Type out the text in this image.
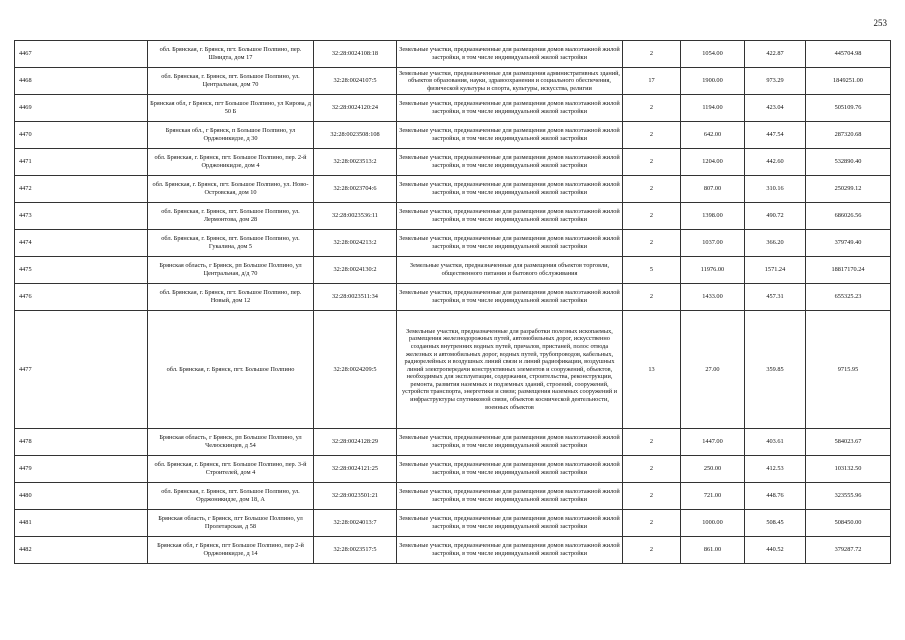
253
4467	обл. Брянская, г. Брянск, пгт. Большое Полпино, пер. Шмидта, дом 17	32:28:0024108:18	Земельные участки, предназначенные для размещения домов малоэтажной жилой застройки, в том числе индивидуальной жилой застройки	2	1054.00	422.87	445704.98
4468	обл. Брянская, г. Брянск, пгт. Большое Полпино, ул. Центральная, дом 70	32:28:0024107:5	Земельные участки, предназначенные для размещения административных зданий, объектов образования, науки, здравоохранения и социального обеспечения, физической культуры и спорта, культуры, искусства, религии	17	1900.00	973.29	1849251.00
4469	Брянская обл, г Брянск, пгт Большое Полпино, ул Кирова, д 50 Б	32:28:0024120:24	Земельные участки, предназначенные для размещения домов малоэтажной жилой застройки, в том числе индивидуальной жилой застройки	2	1194.00	423.04	505109.76
4470	Брянская обл., г Брянск, п Большое Полпино, ул Орджоникидзе, д 30	32:28:0023508:108	Земельные участки, предназначенные для размещения домов малоэтажной жилой застройки, в том числе индивидуальной жилой застройки	2	642.00	447.54	287320.68
4471	обл. Брянская, г. Брянск, пгт. Большое Полпино, пер. 2-й Орджоникидзе, дом 4	32:28:0023513:2	Земельные участки, предназначенные для размещения домов малоэтажной жилой застройки, в том числе индивидуальной жилой застройки	2	1204.00	442.60	532890.40
4472	обл. Брянская, г. Брянск, пгт. Большое Полпино, ул. Ново-Островская, дом 10	32:28:0023704:6	Земельные участки, предназначенные для размещения домов малоэтажной жилой застройки, в том числе индивидуальной жилой застройки	2	807.00	310.16	250299.12
4473	обл. Брянская, г. Брянск, пгт. Большое Полпино, ул. Лермонтова, дом 28	32:28:0023536:11	Земельные участки, предназначенные для размещения домов малоэтажной жилой застройки, в том числе индивидуальной жилой застройки	2	1398.00	490.72	686026.56
4474	обл. Брянская, г. Брянск, пгт. Большое Полпино, ул. Гукалина, дом 5	32:28:0024213:2	Земельные участки, предназначенные для размещения домов малоэтажной жилой застройки, в том числе индивидуальной жилой застройки	2	1037.00	366.20	379749.40
4475	Брянская область, г Брянск, рп Большое Полпино, ул Центральная, д/д 70	32:28:0024130:2	Земельные участки, предназначенные для размещения объектов торговли, общественного питания и бытового обслуживания	5	11976.00	1571.24	18817170.24
4476	обл. Брянская, г. Брянск, пгт. Большое Полпино, пер. Новый, дом 12	32:28:0023511:34	Земельные участки, предназначенные для размещения домов малоэтажной жилой застройки, в том числе индивидуальной жилой застройки	2	1433.00	457.31	655325.23
4477	обл. Брянская, г. Брянск, пгт. Большое Полпино	32:28:0024209:5	Земельные участки, предназначенные для разработки полезных ископаемых, размещения железнодорожных путей, автомобильных дорог, искусственно созданных внутренних водных путей, причалов, пристаней, полос отвода железных и автомобильных дорог, водных путей, трубопроводов, кабельных, радиорелейных и воздушных линий связи и линий радиофикации, воздушных линий электропередачи конструктивных элементов и сооружений, объектов, необходимых для эксплуатации, содержания, строительства, реконструкции, ремонта, развития наземных и подземных зданий, строений, сооружений, устройств транспорта, энергетики и связи; размещения наземных сооружений и инфраструктуры спутниковой связи, объектов космической деятельности, военных объектов	13	27.00	359.85	9715.95
4478	Брянская область, г Брянск, рп Большое Полпино, ул Челюскинцев, д 54	32:28:0024128:29	Земельные участки, предназначенные для размещения домов малоэтажной жилой застройки, в том числе индивидуальной жилой застройки	2	1447.00	403.61	584023.67
4479	обл. Брянская, г. Брянск, пгт. Большое Полпино, пер. 3-й Строителей, дом 4	32:28:0024121:25	Земельные участки, предназначенные для размещения домов малоэтажной жилой застройки, в том числе индивидуальной жилой застройки	2	250.00	412.53	103132.50
4480	обл. Брянская, г. Брянск, пгт. Большое Полпино, ул. Орджоникидзе, дом 18, А	32:28:0023501:21	Земельные участки, предназначенные для размещения домов малоэтажной жилой застройки, в том числе индивидуальной жилой застройки	2	721.00	448.76	323555.96
4481	Брянская область, г Брянск, пгт Большое Полпино, ул Пролетарская, д 58	32:28:0024013:7	Земельные участки, предназначенные для размещения домов малоэтажной жилой застройки, в том числе индивидуальной жилой застройки	2	1000.00	508.45	508450.00
4482	Брянская обл, г Брянск, пгт Большое Полпино, пер 2-й Орджоникидзе, д 14	32:28:0023517:5	Земельные участки, предназначенные для размещения домов малоэтажной жилой застройки, в том числе индивидуальной жилой застройки	2	861.00	440.52	379287.72
